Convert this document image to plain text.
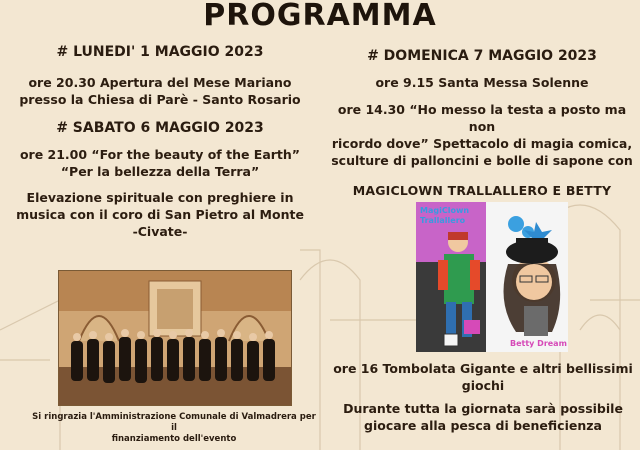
PROGRAMMA

# LUNEDI' 1 MAGGIO 2023

ore 20.30 Apertura del Mese Mariano

presso la Chiesa di Parè - Santo Rosario

# SABATO 6 MAGGIO 2023

ore 21.00 “For the beauty of the Earth”

“Per la bellezza della Terra”

Elevazione spirituale con preghiere in

musica con il coro di San Pietro al Monte

-Civate-

Si ringrazia l'Amministrazione Comunale di Valmadrera per il
finanziamento dell'evento

# DOMENICA 7 MAGGIO 2023

ore 9.15 Santa Messa Solenne

ore 14.30 “Ho messo la testa a posto ma non

ricordo dove” Spettacolo di magia comica,

sculture di palloncini e bolle di sapone con

MAGICLOWN TRALLALLERO E BETTY

MagiClown
Trallallero
Betty Dream

ore 16 Tombolata Gigante e altri bellissimi

giochi

Durante tutta la giornata sarà possibile

giocare alla pesca di beneficienza
